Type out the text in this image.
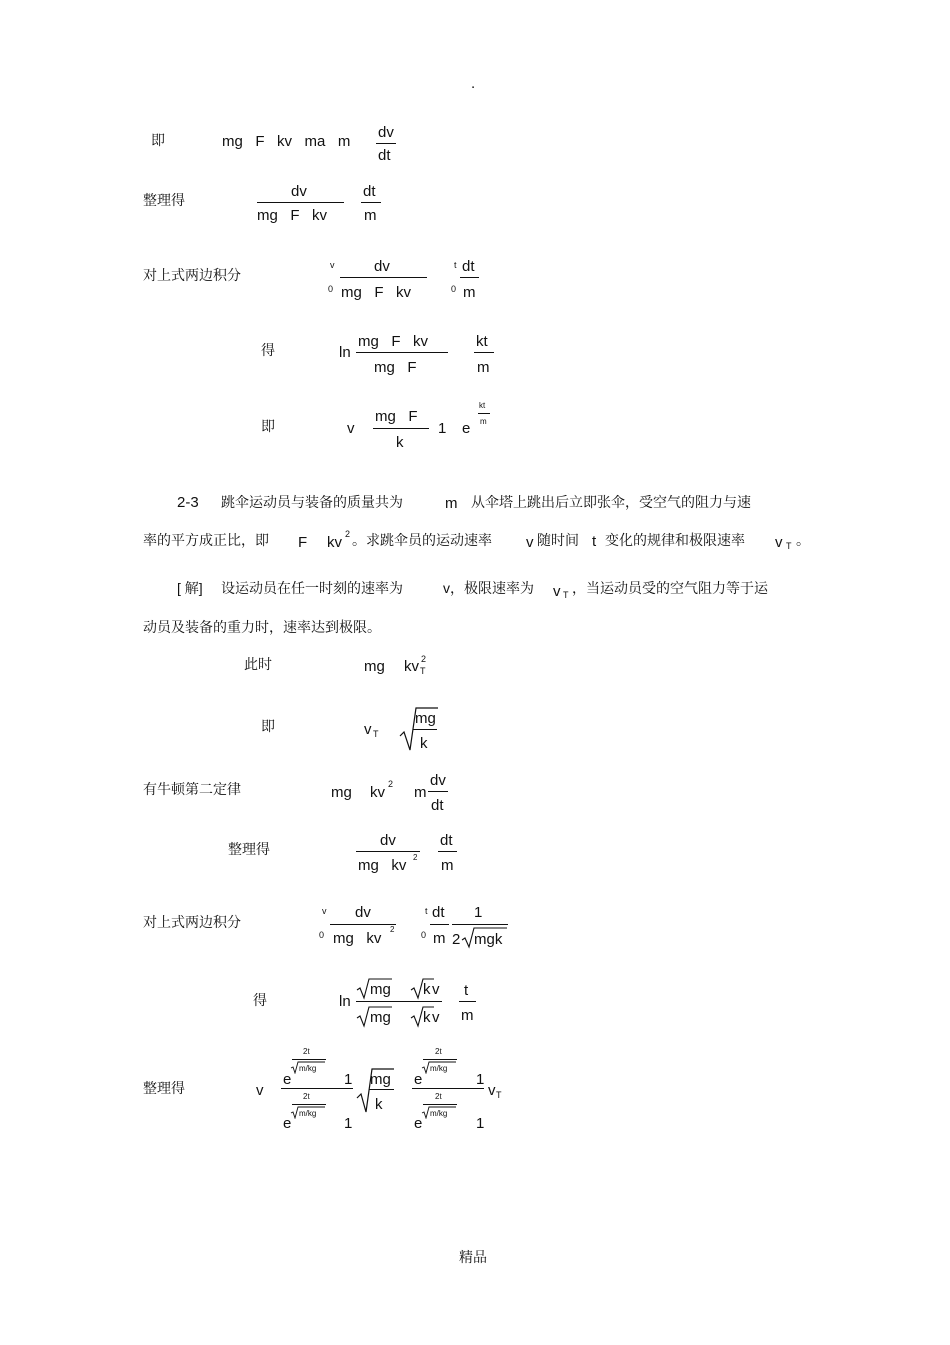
.
精品
即	mg   F   kv   ma   m
dv
dt
整理得	dv
mg   F   kv
dt
m
对上式两边积分
v
0
dv
mg   F   kv
t
0
dt
m
得	ln
mg   F   kv
mg   F
kt
m
即	v
mg   F
k
1 e
kt
m
2-3 跳伞运动员与装备的质量共为	m 从伞塔上跳出后立即张伞，受空气的阻力与速
率的平方成正比，即 F kv 2 。求跳伞员的运动速率 v 随时间 t 变化的规律和极限速率 v T 。
[ 解] 设运动员在任一时刻的速率为	v，极限速率为 v T ，当运动员受的空气阻力等于运
动员及装备的重力时，速率达到极限。
此时	mg kv 2
T
即	v T
mg
k
有牛顿第二定律	mg kv 2 m
dv
dt
整理得	dv
mg   kv 2
dt
m
对上式两边积分
v
0
dv
mg   kv
2
t
0
dt
m
1
2 mgk
得	ln
mg k v
mg k v
t
m
整理得	v
e
2t
m/kg
1
e
2t
m/kg
1
mg
k
e
2t
m/kg
1
e
2t
m/kg
1
v T
